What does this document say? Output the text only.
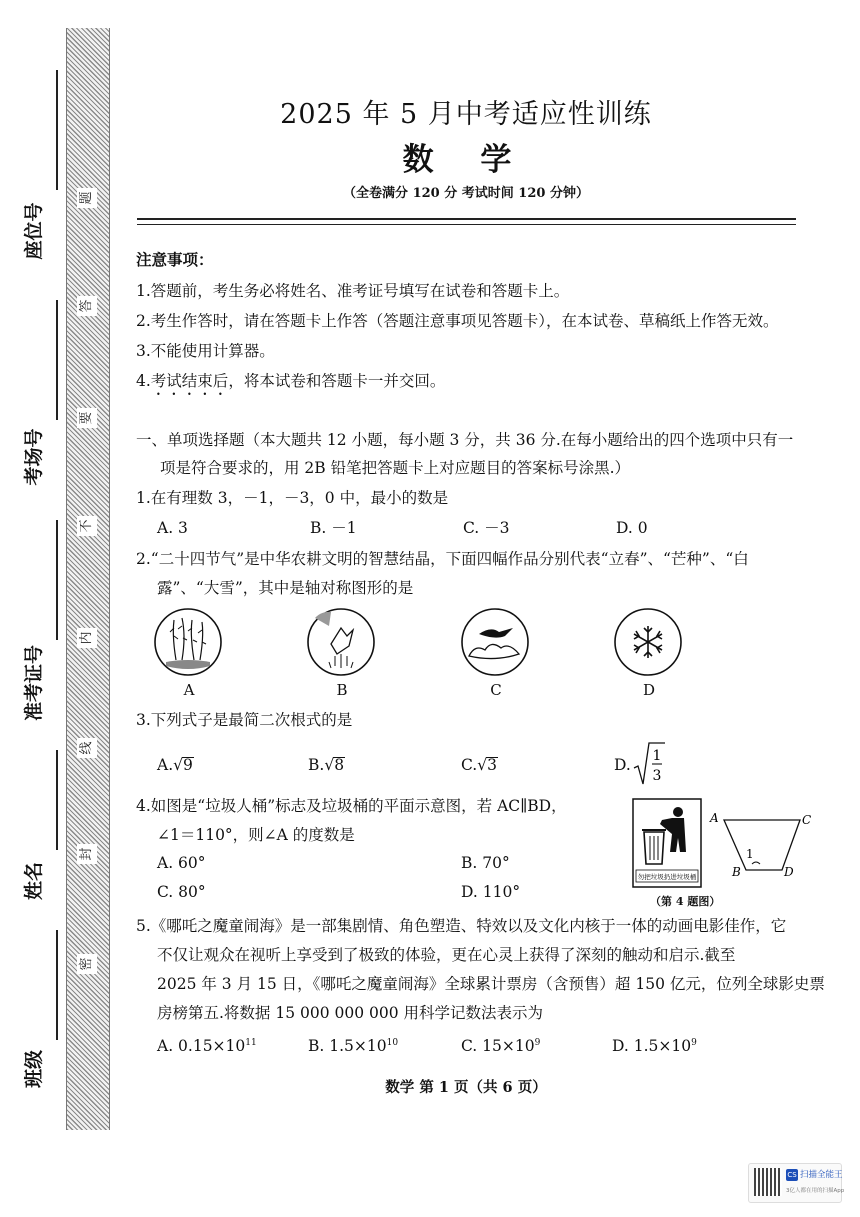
题
答
要
不
内
线
封
密
座位号
考场号
准考证号
姓名
班级
2025 年 5 月中考适应性训练
数 学
（全卷满分 120 分 考试时间 120 分钟）
注意事项：
1.答题前，考生务必将姓名、准考证号填写在试卷和答题卡上。
2.考生作答时，请在答题卡上作答（答题注意事项见答题卡），在本试卷、草稿纸上作答无效。
3.不能使用计算器。
4.考试结束后，将本试卷和答题卡一并交回。
一、单项选择题（本大题共 12 小题，每小题 3 分，共 36 分.在每小题给出的四个选项中只有一
项是符合要求的，用 2B 铅笔把答题卡上对应题目的答案标号涂黑.）
1.在有理数 3，－1，－3，0 中，最小的数是
A. 3	B. －1	C. －3	D. 0
2.“二十四节气”是中华农耕文明的智慧结晶，下面四幅作品分别代表“立春”、“芒种”、“白
露”、“大雪”，其中是轴对称图形的是
A	B	C	D
3.下列式子是最简二次根式的是
A.√9	B.√8	C.√3	D. 1
3
4.如图是“垃圾人桶”标志及垃圾桶的平面示意图，若 AC∥BD，
∠1＝110°，则∠A 的度数是
A. 60°	B. 70°
C. 80°	D. 110°
勿把垃圾扔进垃圾桶
A	C
B	D
1
（第 4 题图）
5.《哪吒之魔童闹海》是一部集剧情、角色塑造、特效以及文化内核于一体的动画电影佳作，它
不仅让观众在视听上享受到了极致的体验，更在心灵上获得了深刻的触动和启示.截至
2025 年 3 月 15 日，《哪吒之魔童闹海》全球累计票房（含预售）超 150 亿元，位列全球影史票
房榜第五.将数据 15 000 000 000 用科学记数法表示为
A. $0.15\times 10^{11}$	B. $1.5\times 10^{10}$	C. $15\times 10^9$	D. $1.5\times 10^9$
数学 第 1 页（共 6 页）
CS 扫描全能王
3亿人都在用的扫描App
